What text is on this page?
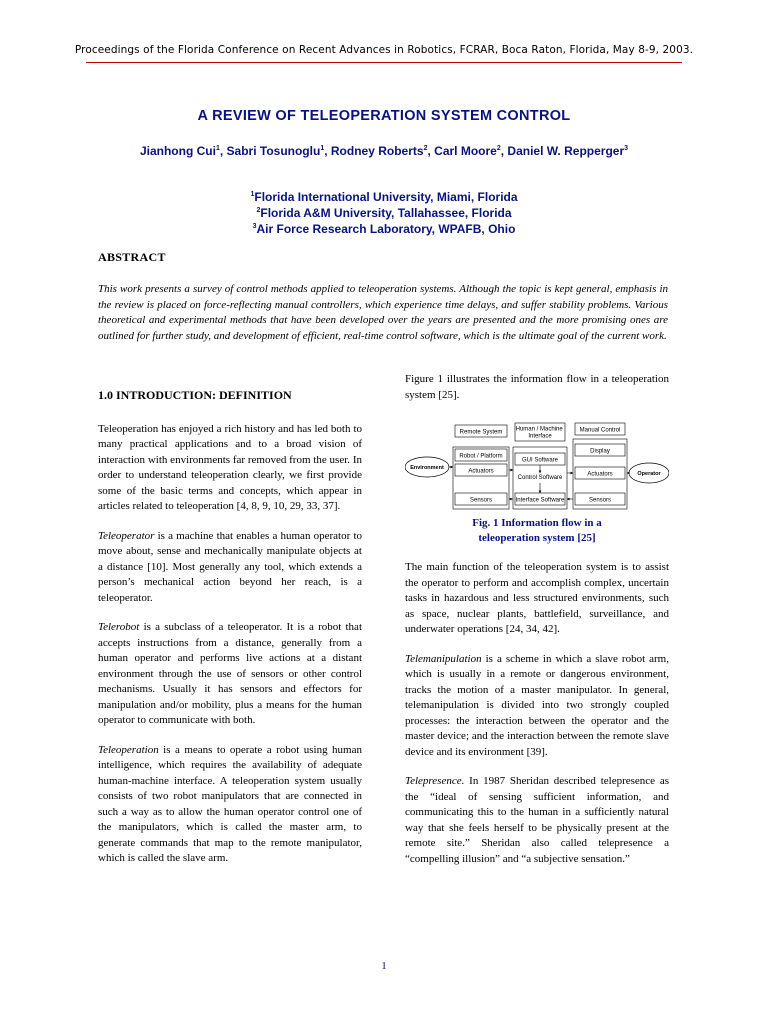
Proceedings of the Florida Conference on Recent Advances in Robotics, FCRAR, Boca Raton, Florida, May 8-9, 2003.
A REVIEW OF TELEOPERATION SYSTEM CONTROL
Jianhong Cui$^1$, Sabri Tosunoglu$^1$, Rodney Roberts$^2$, Carl Moore$^2$, Daniel W. Repperger$^3$
$^1$Florida International University, Miami, Florida
$^2$Florida A&M University, Tallahassee, Florida
$^3$Air Force Research Laboratory, WPAFB, Ohio
ABSTRACT
This work presents a survey of control methods applied to teleoperation systems. Although the topic is kept general, emphasis in the review is placed on force-reflecting manual controllers, which experience time delays, and suffer stability problems. Various theoretical and experimental methods that have been developed over the years are presented and the more promising ones are outlined for further study, and development of efficient, real-time control software, which is the ultimate goal of the current work.
1.0 INTRODUCTION: DEFINITION

Teleoperation has enjoyed a rich history and has led both to many practical applications and to a broad vision of interaction with environments far removed from the user. In order to understand teleoperation clearly, we first provide some of the basic terms and concepts, which appear in articles related to teleoperation [4, 8, 9, 10, 29, 33, 37].

Teleoperator is a machine that enables a human operator to move about, sense and mechanically manipulate objects at a distance [10]. Most generally any tool, which extends a person’s mechanical action beyond her reach, is a teleoperator.

Telerobot is a subclass of a teleoperator. It is a robot that accepts instructions from a distance, generally from a human operator and performs live actions at a distant environment through the use of sensors or other control mechanisms. Usually it has sensors and effectors for manipulation and/or mobility, plus a means for the human operator to communicate with both.

Teleoperation is a means to operate a robot using human intelligence, which requires the availability of adequate human-machine interface. A teleoperation system usually consists of two robot manipulators that are connected in such a way as to allow the human operator control one of the manipulators, which is called the master arm, to generate commands that map to the remote manipulator, which is called the slave arm.

Figure 1 illustrates the information flow in a teleoperation system [25].

Remote System Human / Machine Interface
Manual Control
Environment
Operator
Robot / Platform
Actuators
Sensors
GUI Software
Control Software
Interface Software
Display
Actuators
Sensors
Fig. 1 Information flow in a
teleoperation system [25]

The main function of the teleoperation system is to assist the operator to perform and accomplish complex, uncertain tasks in hazardous and less structured environments, such as space, nuclear plants, battlefield, surveillance, and underwater operations [24, 34, 42].

Telemanipulation is a scheme in which a slave robot arm, which is usually in a remote or dangerous environment, tracks the motion of a master manipulator. In general, telemanipulation is divided into two strongly coupled processes: the interaction between the operator and the master device; and the interaction between the remote slave device and its environment [39].

Telepresence. In 1987 Sheridan described telepresence as the “ideal of sensing sufficient information, and communicating this to the human in a sufficiently natural way that she feels herself to be physically present at the remote site.” Sheridan also called telepresence a “compelling illusion” and “a subjective sensation.”

1
